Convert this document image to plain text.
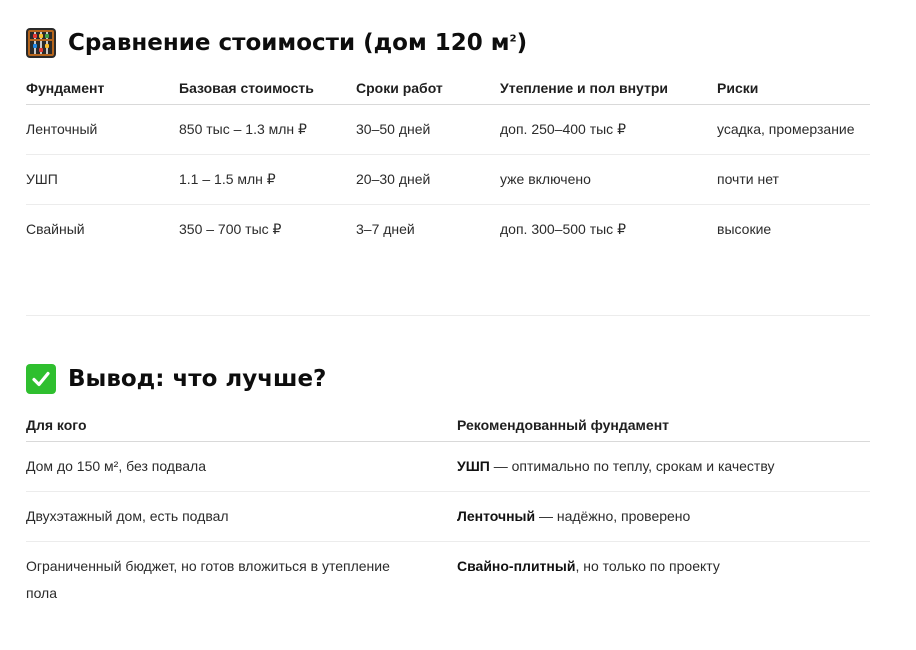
Сравнение стоимости (дом 120 $м^2$)
Фундамент	Базовая стоимость	Сроки работ	Утепление и пол внутри	Риски
Ленточный	850 тыс – 1.3 млн ₽	30–50 дней	доп. 250–400 тыс ₽	усадка, промерзание
УШП	1.1 – 1.5 млн ₽	20–30 дней	уже включено	почти нет
Свайный	350 – 700 тыс ₽	3–7 дней	доп. 300–500 тыс ₽	высокие
Вывод: что лучше?
Для кого	Рекомендованный фундамент
Дом до 150 м², без подвала	УШП — оптимально по теплу, срокам и качеству
Двухэтажный дом, есть подвал	Ленточный — надёжно, проверено
Ограниченный бюджет, но готов вложиться в утепление пола	Свайно-плитный, но только по проекту
